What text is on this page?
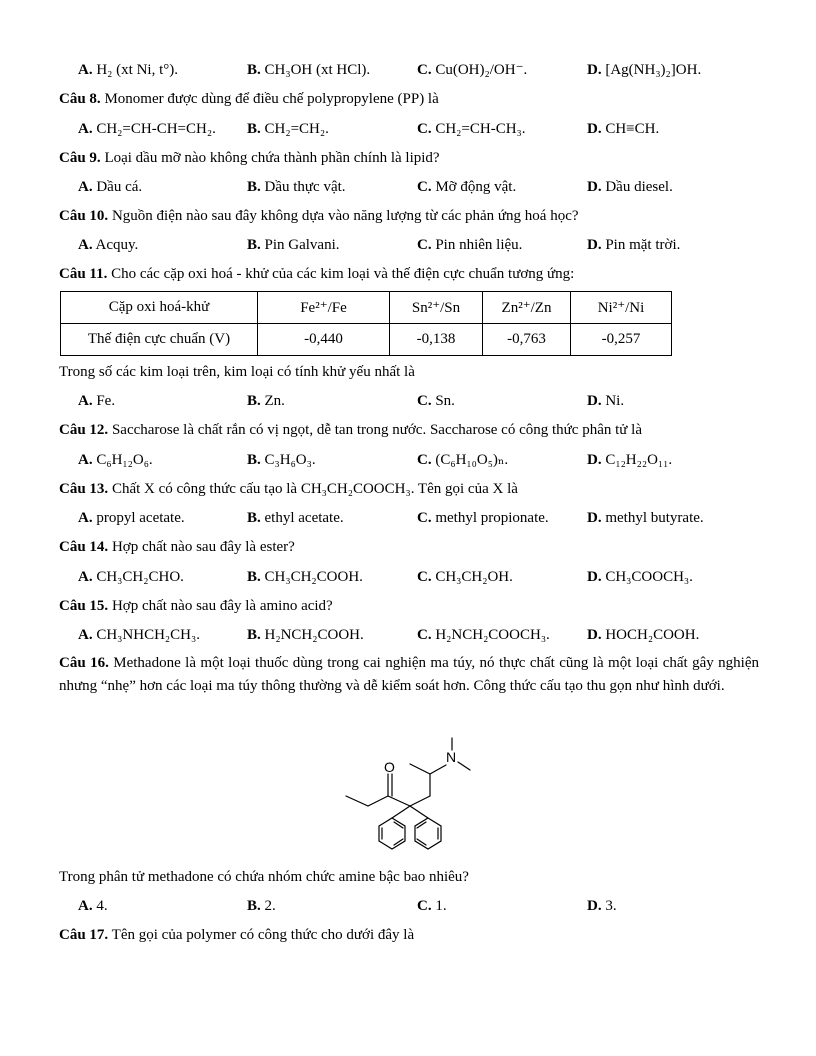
A. H₂ (xt Ni, t°).	B. CH₃OH (xt HCl).	C. Cu(OH)₂/OH⁻.	D. [Ag(NH₃)₂]OH.
Câu 8. Monomer được dùng để điều chế polypropylene (PP) là
A. CH₂=CH-CH=CH₂. B. CH₂=CH₂.	C. CH₂=CH-CH₃.	D. CH≡CH.
Câu 9. Loại dầu mỡ nào không chứa thành phần chính là lipid?
A. Dầu cá.	B. Dầu thực vật.	C. Mỡ động vật.	D. Dầu diesel.
Câu 10. Nguồn điện nào sau đây không dựa vào năng lượng từ các phản ứng hoá học?
A. Acquy.	B. Pin Galvani.	C. Pin nhiên liệu.	D. Pin mặt trời.
Câu 11. Cho các cặp oxi hoá - khử của các kim loại và thế điện cực chuẩn tương ứng:
Cặp oxi hoá-khử	Fe²⁺/Fe	Sn²⁺/Sn	Zn²⁺/Zn	Ni²⁺/Ni
Thế điện cực chuẩn (V)	-0,440	-0,138	-0,763	-0,257
Trong số các kim loại trên, kim loại có tính khử yếu nhất là
A. Fe.	B. Zn.	C. Sn.	D. Ni.
Câu 12. Saccharose là chất rắn có vị ngọt, dễ tan trong nước. Saccharose có công thức phân tử là
A. C₆H₁₂O₆.	B. C₃H₆O₃.	C. (C₆H₁₀O₅)ₙ.	D. C₁₂H₂₂O₁₁.
Câu 13. Chất X có công thức cấu tạo là CH₃CH₂COOCH₃. Tên gọi của X là
A. propyl acetate.	B. ethyl acetate.	C. methyl propionate.	D. methyl butyrate.
Câu 14. Hợp chất nào sau đây là ester?
A. CH₃CH₂CHO.	B. CH₃CH₂COOH.	C. CH₃CH₂OH.	D. CH₃COOCH₃.
Câu 15. Hợp chất nào sau đây là amino acid?
A. CH₃NHCH₂CH₃.	B. H₂NCH₂COOH.	C. H₂NCH₂COOCH₃. D. HOCH₂COOH.
Câu 16. Methadone là một loại thuốc dùng trong cai nghiện ma túy, nó thực chất cũng là một loại chất gây nghiện nhưng “nhẹ” hơn các loại ma túy thông thường và dễ kiểm soát hơn. Công thức cấu tạo thu gọn như hình dưới.
O
N
Trong phân tử methadone có chứa nhóm chức amine bậc bao nhiêu?
A. 4.	B. 2.	C. 1.	D. 3.
Câu 17. Tên gọi của polymer có công thức cho dưới đây là
